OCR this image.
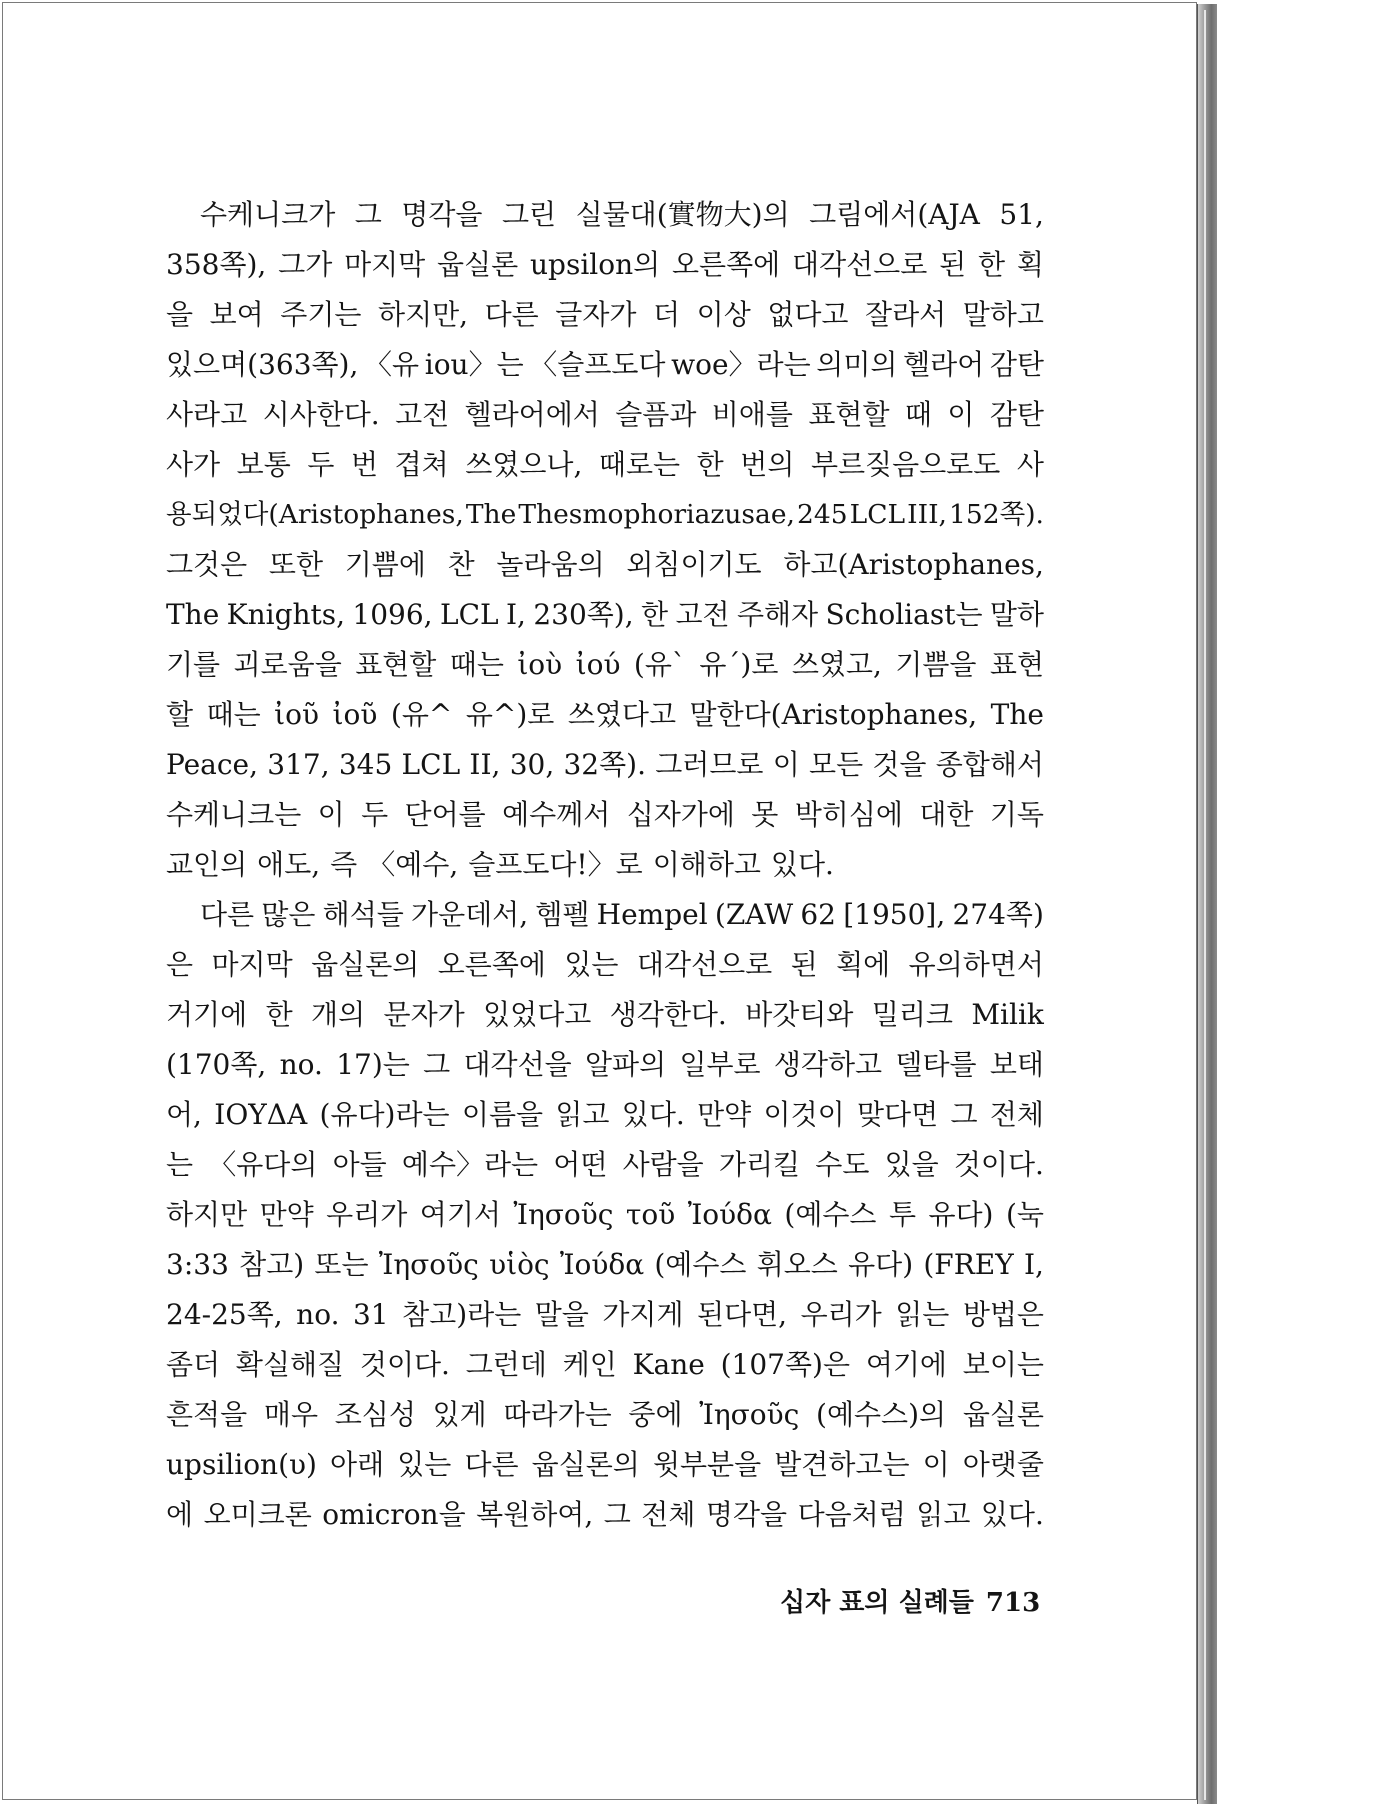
수케니크가 그 명각을 그린 실물대(實物大)의 그림에서(AJA 51,
358쪽), 그가 마지막 웁실론 upsilon의 오른쪽에 대각선으로 된 한 획
을 보여 주기는 하지만, 다른 글자가 더 이상 없다고 잘라서 말하고
있으며(363쪽), 〈유 iou〉는 〈슬프도다 woe〉라는 의미의 헬라어 감탄
사라고 시사한다. 고전 헬라어에서 슬픔과 비애를 표현할 때 이 감탄
사가 보통 두 번 겹쳐 쓰였으나, 때로는 한 번의 부르짖음으로도 사
용되었다(Aristophanes, The Thesmophoriazusae, 245 LCL III, 152쪽).
그것은 또한 기쁨에 찬 놀라움의 외침이기도 하고(Aristophanes,
The Knights, 1096, LCL I, 230쪽), 한 고전 주해자 Scholiast는 말하
기를 괴로움을 표현할 때는 ἰοὺ ἰού (유ˋ 유ˊ)로 쓰였고, 기쁨을 표현
할 때는 ἰοῦ ἰοῦ (유^ 유^)로 쓰였다고 말한다(Aristophanes, The
Peace, 317, 345 LCL II, 30, 32쪽). 그러므로 이 모든 것을 종합해서
수케니크는 이 두 단어를 예수께서 십자가에 못 박히심에 대한 기독
교인의 애도, 즉 〈예수, 슬프도다!〉로 이해하고 있다.
다른 많은 해석들 가운데서, 헴펠 Hempel (ZAW 62 [1950], 274쪽)
은 마지막 웁실론의 오른쪽에 있는 대각선으로 된 획에 유의하면서
거기에 한 개의 문자가 있었다고 생각한다. 바갓티와 밀리크 Milik
(170쪽, no. 17)는 그 대각선을 알파의 일부로 생각하고 델타를 보태
어, ΙΟΥΔΑ (유다)라는 이름을 읽고 있다. 만약 이것이 맞다면 그 전체
는 〈유다의 아들 예수〉라는 어떤 사람을 가리킬 수도 있을 것이다.
하지만 만약 우리가 여기서 Ἰησοῦς τοῦ Ἰούδα (예수스 투 유다) (눅
3:33 참고) 또는 Ἰησοῦς υἱὸς Ἰούδα (예수스 휘오스 유다) (FREY I,
24-25쪽, no. 31 참고)라는 말을 가지게 된다면, 우리가 읽는 방법은
좀더 확실해질 것이다. 그런데 케인 Kane (107쪽)은 여기에 보이는
흔적을 매우 조심성 있게 따라가는 중에 Ἰησοῦς (예수스)의 웁실론
upsilion(υ) 아래 있는 다른 웁실론의 윗부분을 발견하고는 이 아랫줄
에 오미크론 omicron을 복원하여, 그 전체 명각을 다음처럼 읽고 있다.
십자 표의 실례들 713
